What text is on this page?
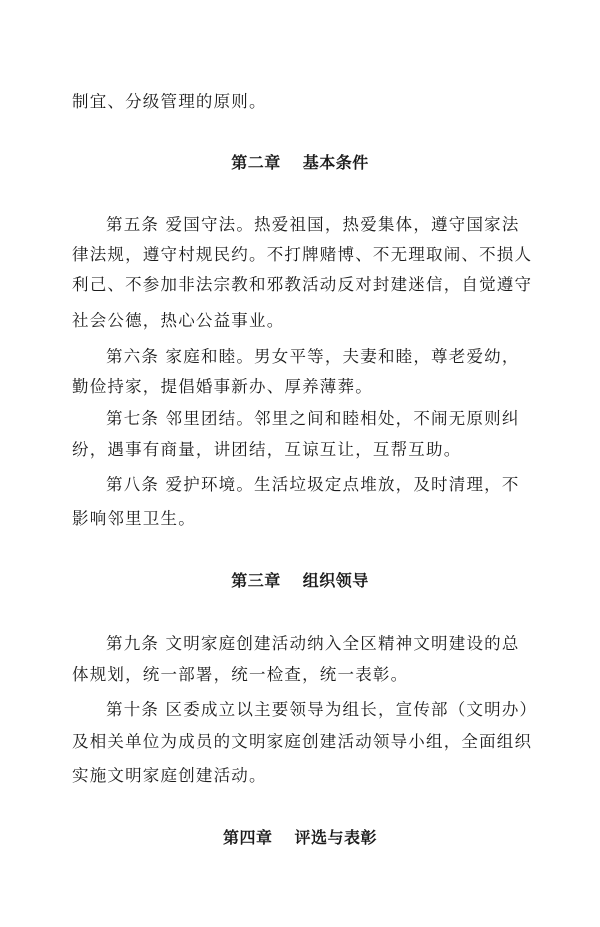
制宜、分级管理的原则。
第二章 基本条件
第五条 爱国守法。热爱祖国，热爱集体，遵守国家法
律法规，遵守村规民约。不打牌赌博、不无理取闹、不损人
利己、不参加非法宗教和邪教活动反对封建迷信，自觉遵守
社会公德，热心公益事业。
第六条 家庭和睦。男女平等，夫妻和睦，尊老爱幼，
勤俭持家，提倡婚事新办、厚养薄葬。
第七条 邻里团结。邻里之间和睦相处，不闹无原则纠
纷，遇事有商量，讲团结，互谅互让，互帮互助。
第八条 爱护环境。生活垃圾定点堆放，及时清理，不
影响邻里卫生。
第三章 组织领导
第九条 文明家庭创建活动纳入全区精神文明建设的总
体规划，统一部署，统一检查，统一表彰。
第十条 区委成立以主要领导为组长，宣传部（文明办）
及相关单位为成员的文明家庭创建活动领导小组，全面组织
实施文明家庭创建活动。
第四章 评选与表彰
